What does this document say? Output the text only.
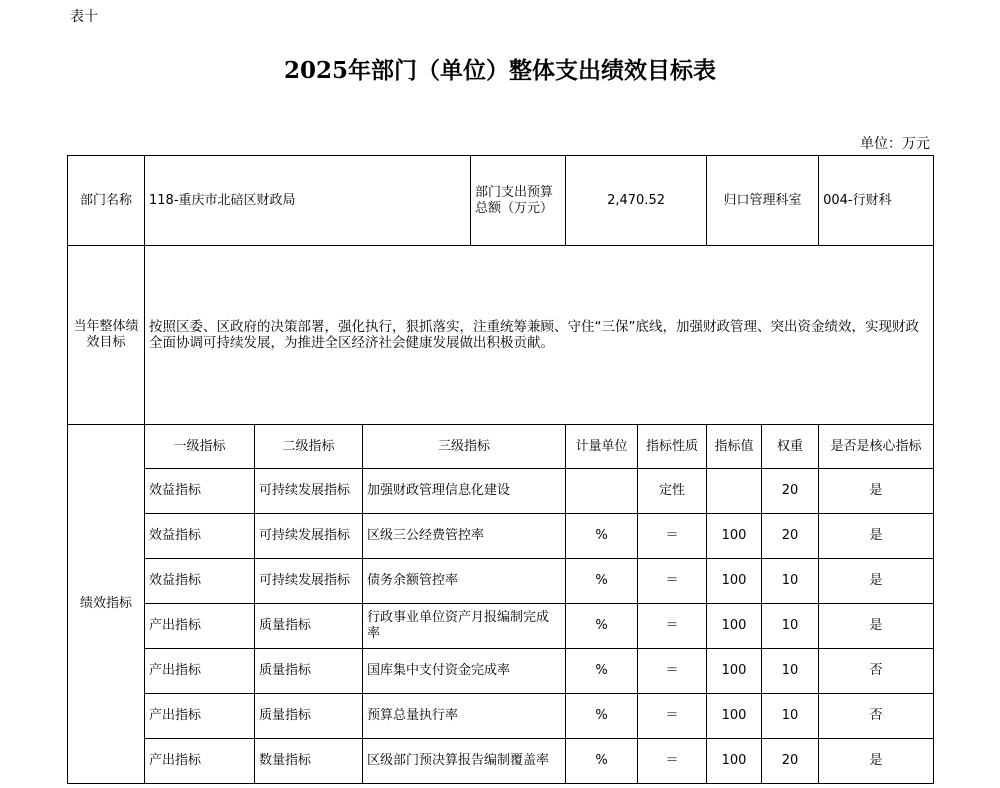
表十
2025年部门（单位）整体支出绩效目标表
单位：万元
部门名称	118-重庆市北碚区财政局			部门支出预算总额（万元）	2,470.52		归口管理科室		004-行财科
当年整体绩效目标	按照区委、区政府的决策部署，强化执行，狠抓落实，注重统筹兼顾、守住“三保”底线，加强财政管理、突出资金绩效，实现财政全面协调可持续发展，为推进全区经济社会健康发展做出积极贡献。								
绩效指标	一级指标	二级指标	三级指标		计量单位	指标性质	指标值	权重	是否是核心指标
	效益指标	可持续发展指标	加强财政管理信息化建设			定性		20	是
	效益指标	可持续发展指标	区级三公经费管控率		%	＝	100	20	是
	效益指标	可持续发展指标	债务余额管控率		%	＝	100	10	是
	产出指标	质量指标	行政事业单位资产月报编制完成率		%	＝	100	10	是
	产出指标	质量指标	国库集中支付资金完成率		%	＝	100	10	否
	产出指标	质量指标	预算总量执行率		%	＝	100	10	否
	产出指标	数量指标	区级部门预决算报告编制覆盖率		%	＝	100	20	是
